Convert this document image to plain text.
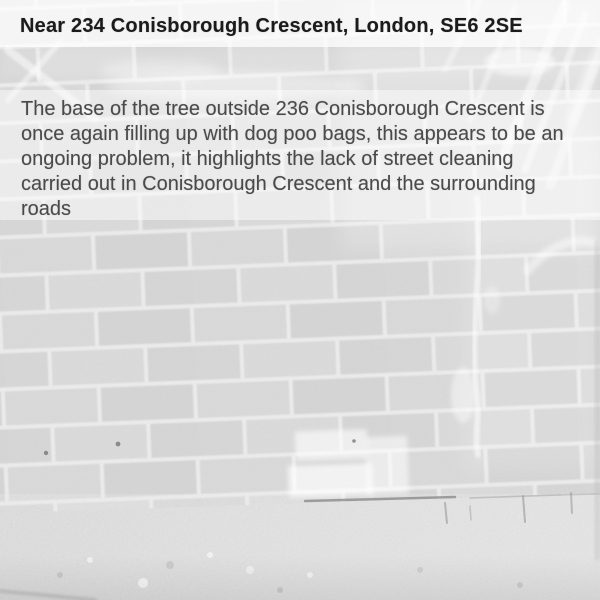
Near 234 Conisborough Crescent, London, SE6 2SE
The base of the tree outside 236 Conisborough Crescent is once again filling up with dog poo bags, this appears to be an ongoing problem, it highlights the lack of street cleaning carried out in Conisborough Crescent and the surrounding roads
